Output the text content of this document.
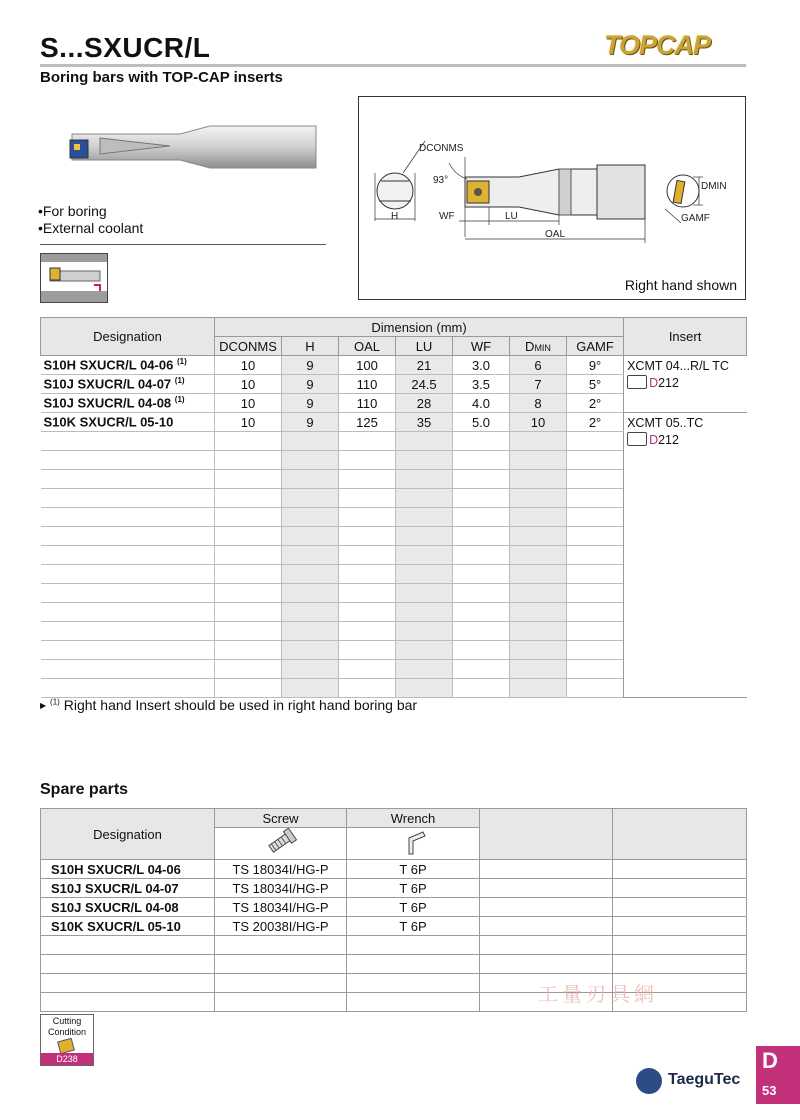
S...SXUCR/L	TOPCAP
Boring bars with TOP-CAP inserts
• For boring
• External coolant
DCONMS
93°
H	WF	LU
OAL
DMIN
GAMF
Right hand shown
Designation	Dimension (mm)							Insert
	DCONMS	H	OAL	LU	WF	DMIN	GAMF	
S10H SXUCR/L 04-06 $^{(1)}$	10	9	100	21	3.0	6	9°	XCMT 04...R/L TC
D212

S10J SXUCR/L 04-07 $^{(1)}$	10	9	110	24.5	3.5	7	5°	
S10J SXUCR/L 04-08 $^{(1)}$	10	9	110	28	4.0	8	2°	
S10K SXUCR/L 05-10	10	9	125	35	5.0	10	2°	XCMT 05..TC
D212

▶ $^{(1)}$ Right hand Insert should be used in right hand boring bar
Spare parts
Designation	Screw	Wrench		

S10H SXUCR/L 04-06	TS 18034I/HG-P	T 6P		
S10J SXUCR/L 04-07	TS 18034I/HG-P	T 6P		
S10J SXUCR/L 04-08	TS 18034I/HG-P	T 6P		
S10K SXUCR/L 05-10	TS 20038I/HG-P	T 6P		

工量刃具網
Cutting
Condition
D238
TaeguTec
D
53
